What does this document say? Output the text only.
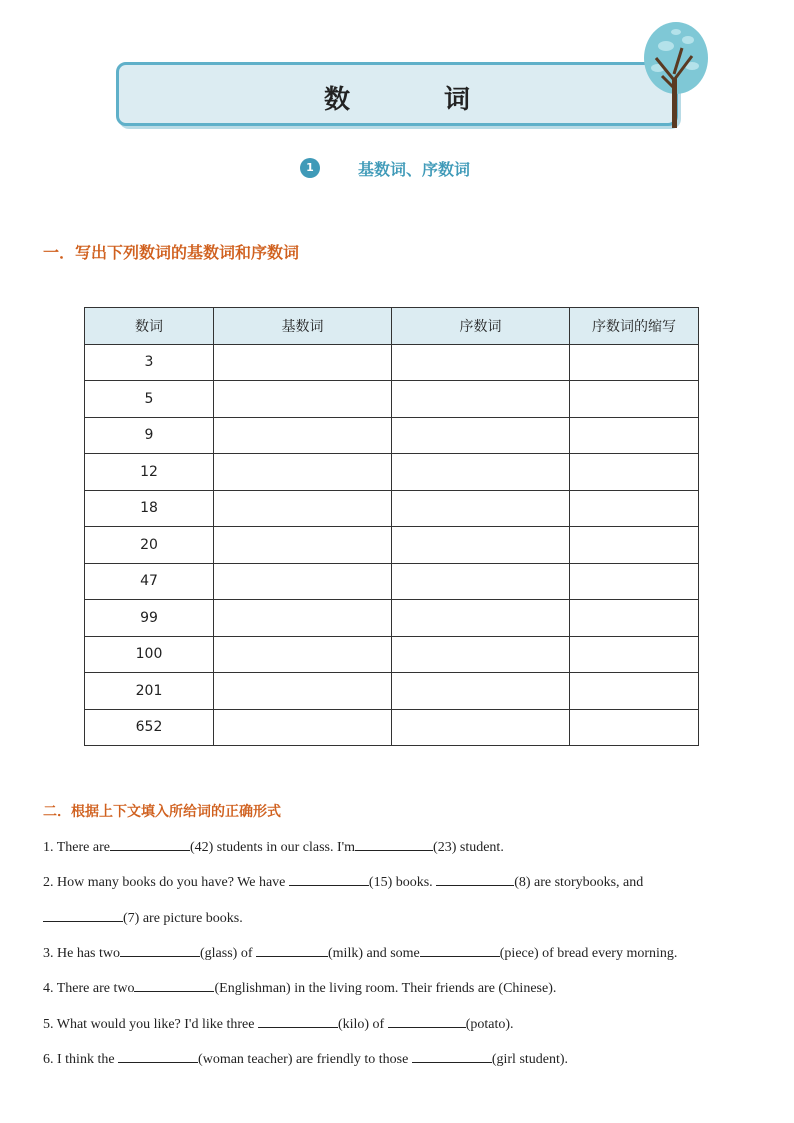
数　词
1	基数词、序数词
一．写出下列数词的基数词和序数词
数词	基数词	序数词	序数词的缩写
3			
5			
9			
12			
18			
20			
47			
99			
100			
201			
652			
二．根据上下文填入所给词的正确形式
1. There are	(42) students in our class. I'm	(23) student.
2. How many books do you have? We have	(15) books.	(8) are storybooks, and
(7) are picture books.
3. He has two	(glass) of	(milk) and some	(piece) of bread every morning.
4. There are two	(Englishman) in the living room. Their friends are (Chinese).
5. What would you like? I'd like three	(kilo) of	(potato).
6. I think the	(woman teacher) are friendly to those	(girl student).
